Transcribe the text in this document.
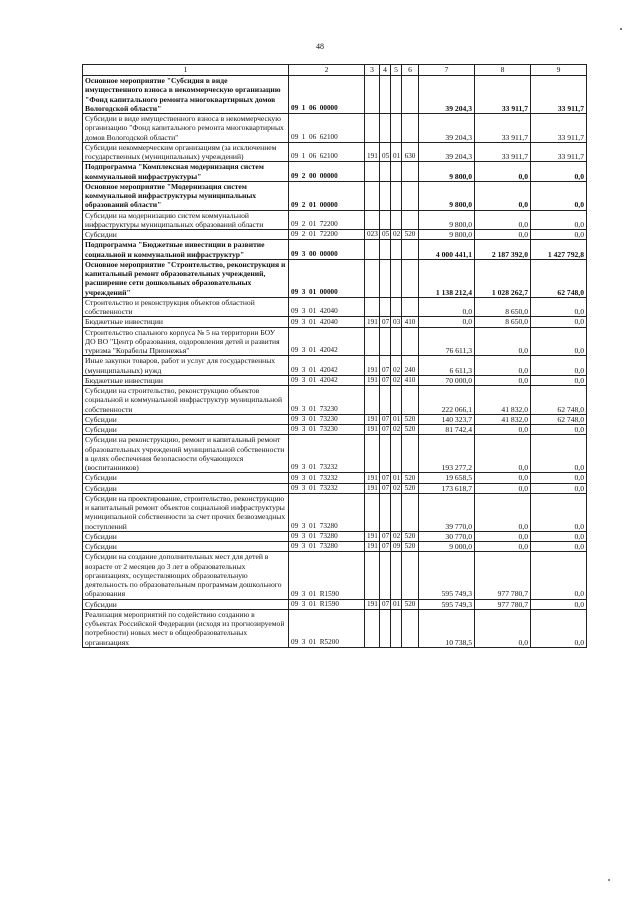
48
1	2	3	4	5	6	7	8	9
Основное мероприятие "Субсидия в виде имущественного взноса в некоммерческую организацию "Фонд капитального ремонта многоквартирных домов Вологодской области"	09  1  06  00000					39 204,3	33 911,7	33 911,7
Субсидии в виде имущественного взноса в некоммерческую организацию "Фонд капитального ремонта многоквартирных домов Вологодской области"	09  1  06  62100					39 204,3	33 911,7	33 911,7
Субсидии некоммерческим организациям (за исключением государственных (муниципальных) учреждений)	09  1  06  62100	191	05	01	630	39 204,3	33 911,7	33 911,7
Подпрограмма "Комплексная модернизация систем коммунальной инфраструктуры"	09  2  00  00000					9 800,0	0,0	0,0
Основное мероприятие "Модернизация систем коммунальной инфраструктуры муниципальных образований области"	09  2  01  00000					9 800,0	0,0	0,0
Субсидии на модернизацию систем коммунальной инфраструктуры муниципальных образований области	09  2  01  72200					9 800,0	0,0	0,0
Субсидии	09  2  01  72200	023	05	02	520	9 800,0	0,0	0,0
Подпрограмма "Бюджетные инвестиции в развитие социальной и коммунальной инфраструктур"	09  3  00  00000					4 000 441,1	2 187 392,0	1 427 792,8
Основное мероприятие "Строительство, реконструкция и капитальный ремонт образовательных учреждений, расширение сети дошкольных образовательных учреждений"	09  3  01  00000					1 138 212,4	1 028 262,7	62 748,0
Строительство и реконструкция объектов областной собственности	09  3  01  42040					0,0	8 650,0	0,0
Бюджетные инвестиции	09  3  01  42040	191	07	03	410	0,0	8 650,0	0,0
Строительство спального корпуса № 5 на территории БОУ ДО ВО "Центр образования, оздоровления детей и развития туризма "Корабелы Прионежья"	09  3  01  42042					76 611,3	0,0	0,0
Иные закупки товаров, работ и услуг для государственных (муниципальных) нужд	09  3  01  42042	191	07	02	240	6 611,3	0,0	0,0
Бюджетные инвестиции	09  3  01  42042	191	07	02	410	70 000,0	0,0	0,0
Субсидии на строительство, реконструкцию объектов социальной и коммунальной инфраструктур муниципальной собственности	09  3  01  73230					222 066,1	41 832,0	62 748,0
Субсидии	09  3  01  73230	191	07	01	520	140 323,7	41 832,0	62 748,0
Субсидии	09  3  01  73230	191	07	02	520	81 742,4	0,0	0,0
Субсидии на реконструкцию, ремонт и капитальный ремонт образовательных учреждений муниципальной собственности в целях обеспечения безопасности обучающихся (воспитанников)	09  3  01  73232					193 277,2	0,0	0,0
Субсидии	09  3  01  73232	191	07	01	520	19 658,5	0,0	0,0
Субсидии	09  3  01  73232	191	07	02	520	173 618,7	0,0	0,0
Субсидии на проектирование, строительство, реконструкцию и капитальный ремонт объектов социальной инфраструктуры муниципальной собственности за счет прочих безвозмездных поступлений	09  3  01  73280					39 770,0	0,0	0,0
Субсидии	09  3  01  73280	191	07	02	520	30 770,0	0,0	0,0
Субсидии	09  3  01  73280	191	07	09	520	9 000,0	0,0	0,0
Субсидии на создание дополнительных мест для детей в возрасте от 2 месяцев до 3 лет в образовательных организациях, осуществляющих образовательную деятельность по образовательным программам дошкольного образования	09  3  01  R1590					595 749,3	977 780,7	0,0
Субсидии	09  3  01  R1590	191	07	01	520	595 749,3	977 780,7	0,0
Реализация мероприятий по содействию созданию в субъектах Российской Федерации (исходя из прогнозируемой потребности) новых мест в общеобразовательных организациях	09  3  01  R5200					10 738,5	0,0	0,0
